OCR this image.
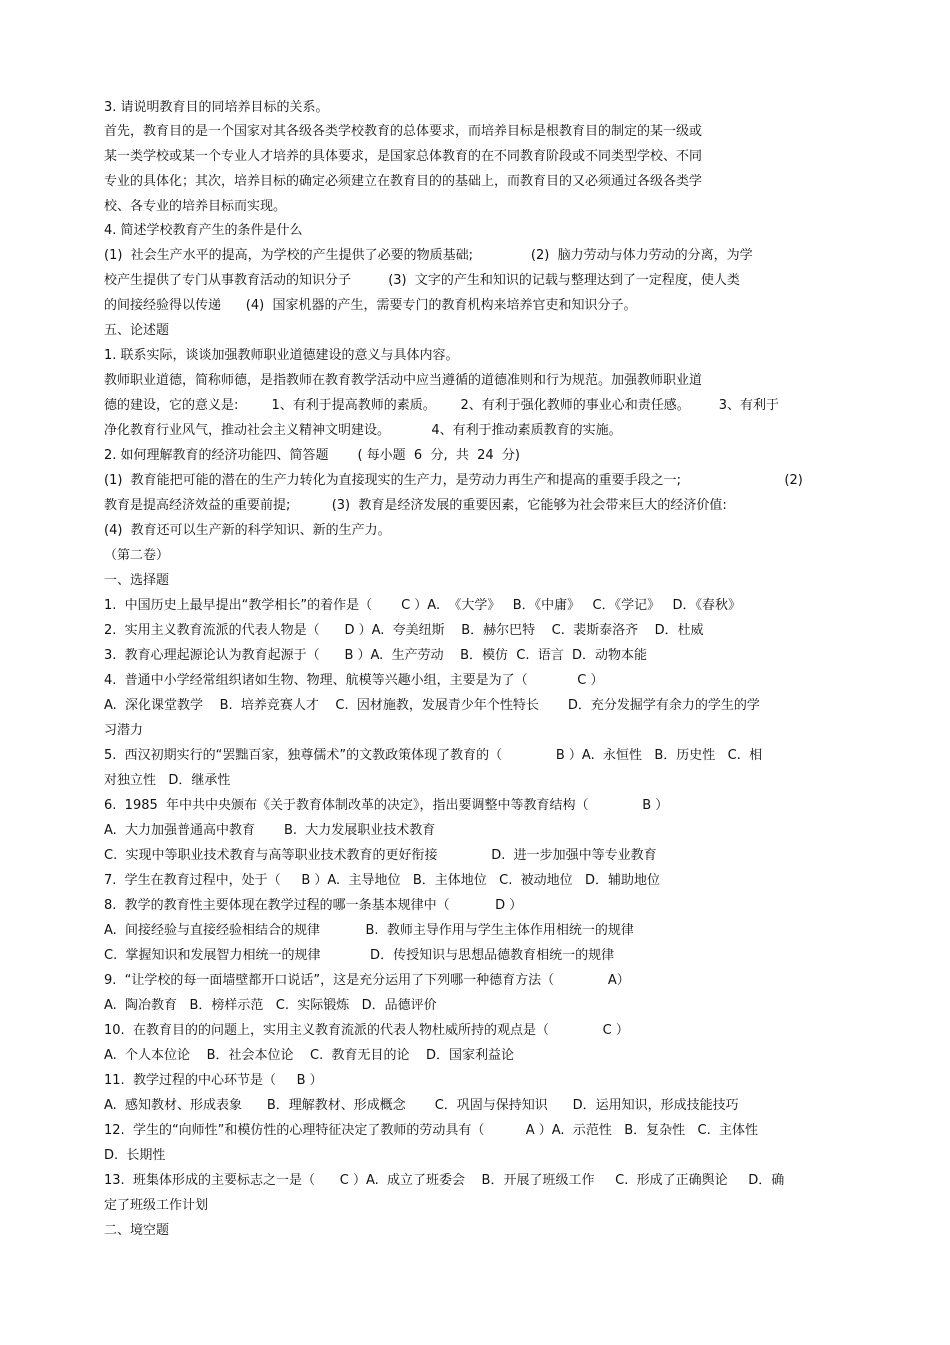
3. 请说明教育目的同培养目标的关系。
首先，教育目的是一个国家对其各级各类学校教育的总体要求，而培养目标是根教育目的制定的某一级或
某一类学校或某一个专业人才培养的具体要求，是国家总体教育的在不同教育阶段或不同类型学校、不同
专业的具体化；其次，培养目标的确定必须建立在教育目的的基础上，而教育目的又必须通过各级各类学
校、各专业的培养目标而实现。
4. 简述学校教育产生的条件是什么
(1)  社会生产水平的提高，为学校的产生提供了必要的物质基础;              (2)  脑力劳动与体力劳动的分离，为学
校产生提供了专门从事教育活动的知识分子         (3)  文字的产生和知识的记载与整理达到了一定程度，使人类
的间接经验得以传递      (4)  国家机器的产生，需要专门的教育机构来培养官吏和知识分子。
五、论述题
1. 联系实际，谈谈加强教师职业道德建设的意义与具体内容。
教师职业道德，简称师德，是指教师在教育教学活动中应当遵循的道德准则和行为规范。加强教师职业道
德的建设，它的意义是:        1、有利于提高教师的素质。      2、有利于强化教师的事业心和责任感。       3、有利于
净化教育行业风气，推动社会主义精神文明建设。          4、有利于推动素质教育的实施。
2. 如何理解教育的经济功能四、简答题       ( 每小题  6  分,  共  24  分)
(1)  教育能把可能的潜在的生产力转化为直接现实的生产力，是劳动力再生产和提高的重要手段之一;                         (2)
教育是提高经济效益的重要前提;          (3)  教育是经济发展的重要因素，它能够为社会带来巨大的经济价值:
(4)  教育还可以生产新的科学知识、新的生产力。
（第二卷）
一、选择题
1.  中国历史上最早提出“教学相长”的着作是（       C ）A.  《大学》   B．《中庸》   C．《学记》   D．《春秋》
2.  实用主义教育流派的代表人物是（      D ）A.  夸美纽斯    B．赫尔巴特    C.  裴斯泰洛齐    D．杜威
3.  教育心理起源论认为教育起源于（      B ）A.  生产劳动    B．模仿  C.  语言  D．动物本能
4.  普通中小学经常组织诸如生物、物理、航模等兴趣小组，主要是为了（            C ）
A.  深化课堂教学    B.  培养竞赛人才    C.  因材施教，发展青少年个性特长       D．充分发掘学有余力的学生的学
习潜力
5.  西汉初期实行的“罢黜百家，独尊儒术”的文教政策体现了教育的（             B ）A.  永恒性   B．历史性   C.  相
对独立性   D．继承性
6.  1985  年中共中央颁布《关于教育体制改革的决定》，指出要调整中等教育结构（             B ）
A.  大力加强普通高中教育       B.  大力发展职业技术教育
C.  实现中等职业技术教育与高等职业技术教育的更好衔接             D.  进一步加强中等专业教育
7.  学生在教育过程中，处于（     B ）A.  主导地位   B．主体地位   C.  被动地位   D．辅助地位
8.  教学的教育性主要体现在教学过程的哪一条基本规律中（           D ）
A.  间接经验与直接经验相结合的规律           B.  教师主导作用与学生主体作用相统一的规律
C.  掌握知识和发展智力相统一的规律            D．传授知识与思想品德教育相统一的规律
9.  “让学校的每一面墙壁都开口说话”，这是充分运用了下列哪一种德育方法（             A）
A.  陶冶教育   B．榜样示范   C.  实际锻炼   D．品德评价
10.  在教育目的的问题上，实用主义教育流派的代表人物杜威所持的观点是（             C ）
A.  个人本位论    B．社会本位论    C.  教育无目的论    D．国家利益论
11.  教学过程的中心环节是（     B ）
A.  感知教材、形成表象      B．理解教材、形成概念       C．巩固与保持知识      D．运用知识，形成技能技巧
12.  学生的“向师性”和模仿性的心理特征决定了教师的劳动具有（          A ）A.  示范性   B．复杂性   C.  主体性
D.  长期性
13.  班集体形成的主要标志之一是（      C ）A.  成立了班委会    B．开展了班级工作     C.  形成了正确舆论     D．确
定了班级工作计划
二、境空题
